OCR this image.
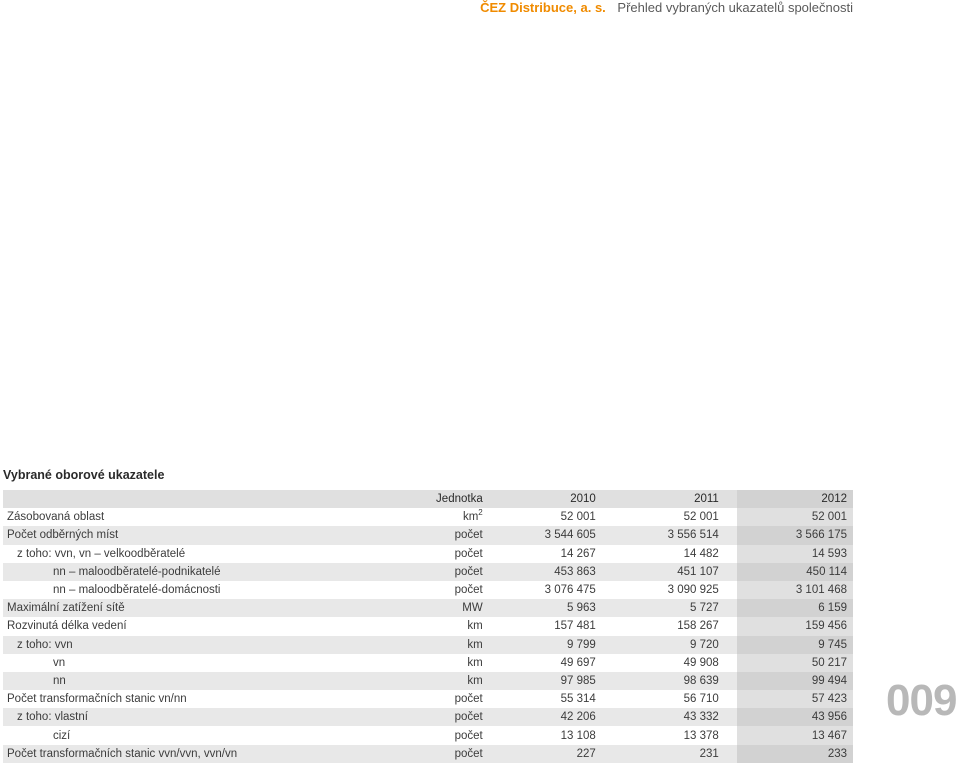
ČEZ Distribuce, a. s. Přehled vybraných ukazatelů společnosti
Vybrané oborové ukazatele
	Jednotka	2010	2011	2012
Zásobovaná oblast	$km^2$	52 001	52 001	52 001
Počet odběrných míst	počet	3 544 605	3 556 514	3 566 175
z toho: vvn, vn – velkoodběratelé	počet	14 267	14 482	14 593
nn – maloodběratelé-podnikatelé	počet	453 863	451 107	450 114
nn – maloodběratelé-domácnosti	počet	3 076 475	3 090 925	3 101 468
Maximální zatížení sítě	MW	5 963	5 727	6 159
Rozvinutá délka vedení	km	157 481	158 267	159 456
z toho: vvn	km	9 799	9 720	9 745
vn	km	49 697	49 908	50 217
nn	km	97 985	98 639	99 494
Počet transformačních stanic vn/nn	počet	55 314	56 710	57 423
z toho: vlastní	počet	42 206	43 332	43 956
cizí	počet	13 108	13 378	13 467
Počet transformačních stanic vvn/vvn, vvn/vn	počet	227	231	233
009
